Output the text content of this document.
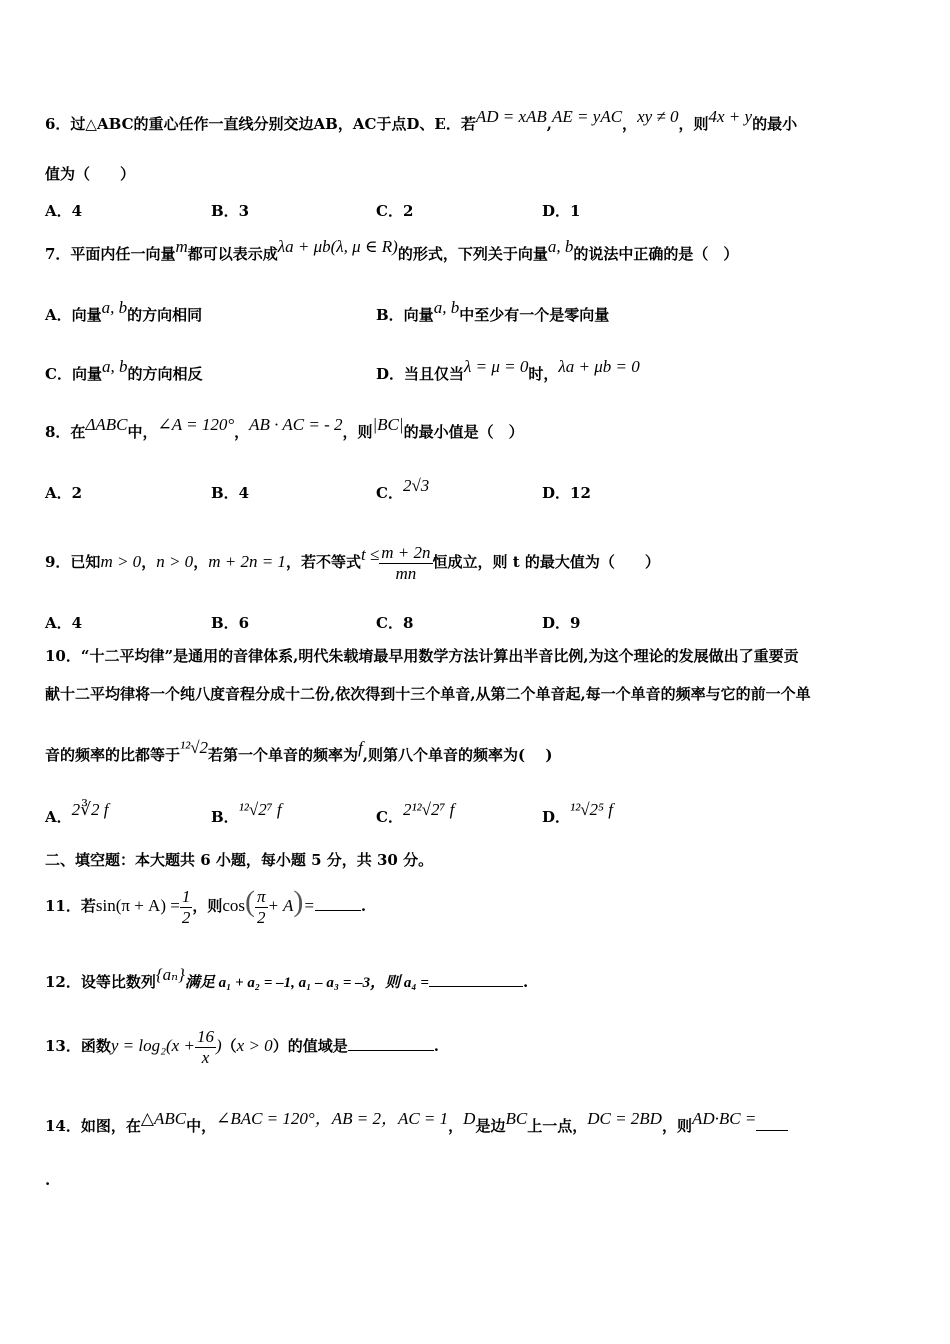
6．过△ABC的重心任作一直线分别交边AB，AC于点D、E．若AD = xAB,AE = yAC，xy ≠ 0，则4x + y的最小
值为（　　）
A．4	B．3	C．2	D．1
7．平面内任一向量m都可以表示成λa + μb(λ, μ ∈ R)的形式，下列关于向量a, b的说法中正确的是（　）
A．向量a, b的方向相同	B．向量a, b中至少有一个是零向量
C．向量a, b的方向相反	D．当且仅当λ = μ = 0时，λa + μb = 0
8．在ΔABC中，∠A = 120°，AB · AC = - 2，则|BC|的最小值是（　）
A．2	B．4	C．2√3	D．12
9．已知m > 0，n > 0，m + 2n = 1，若不等式$t \le \frac{m + 2n}{mn}$ 恒成立，则 t 的最大值为（　　）
A．4	B．6	C．8	D．9
10．“十二平均律”是通用的音律体系,明代朱载堉最早用数学方法计算出半音比例,为这个理论的发展做出了重要贡
献十二平均律将一个纯八度音程分成十二份,依次得到十三个单音,从第二个单音起,每一个单音的频率与它的前一个单
音的频率的比都等于¹²√2若第一个单音的频率为f,则第八个单音的频率为(　 )
A．2∛2 f	B．¹²√2⁷ f	C．2¹²√2⁷ f	D．¹²√2⁵ f
二、填空题：本大题共 6 小题，每小题 5 分，共 30 分。
11．若$\sin(\pi + A) = \frac{1}{2}$ ，则$\cos( \frac{\pi}{2} + A)=$	.
12．设等比数列{aₙ}满足 a₁ + a₂ = –1, a₁ – a₃ = –3，则 a₄ =	.
13．函数$y = \log_2(x + \frac{16}{x} )(x > 0)$的值域是	.
14．如图，在△ABC中，∠BAC = 120°，AB = 2，AC = 1，D是边BC上一点，DC = 2BD，则AD·BC =
.
